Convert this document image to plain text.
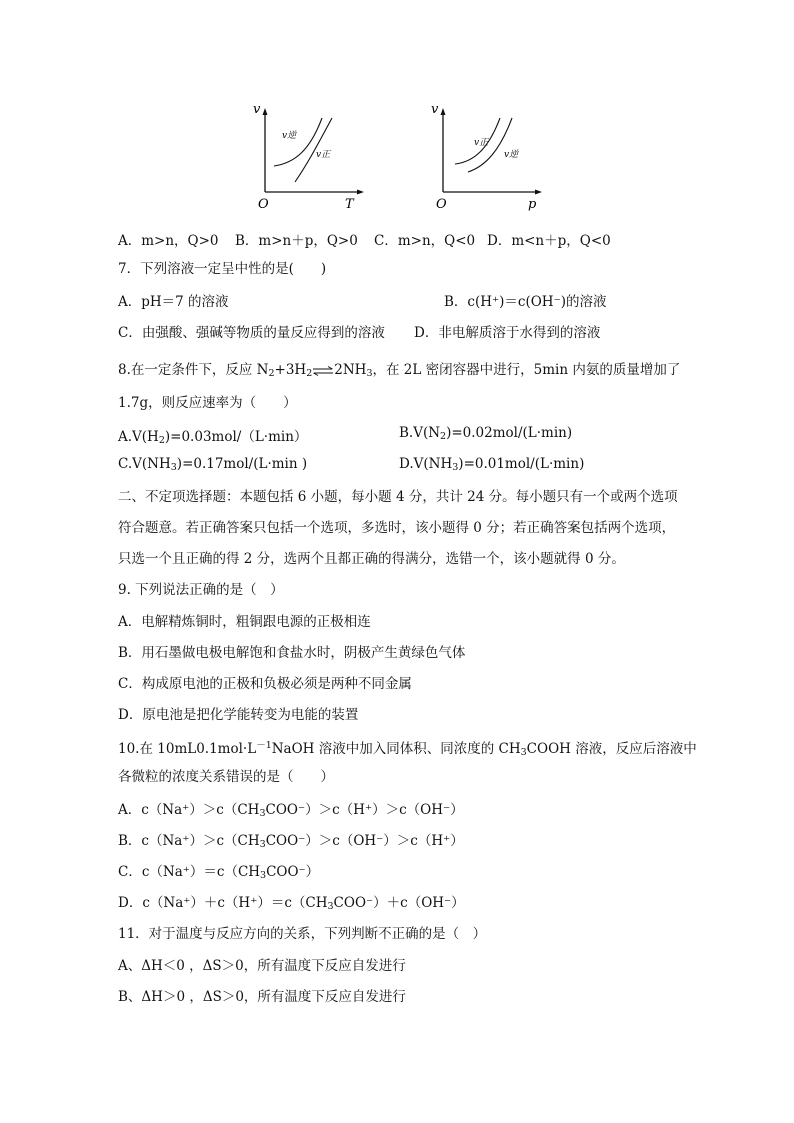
v
O	T
v逆
v正
v
O	p
v正
v逆
A．m>n，Q>0 B．m>n＋p，Q>0 C．m>n，Q<0 D．m<n＋p，Q<0
7．下列溶液一定呈中性的是(　　)
A．pH＝7 的溶液	B．c(H⁺)＝c(OH⁻)的溶液
C．由强酸、强碱等物质的量反应得到的溶液 D．非电解质溶于水得到的溶液
8.在一定条件下，反应 $N_2+3H_2\rightleftharpoons 2NH_3$，在 2L 密闭容器中进行，5min 内氨的质量增加了
1.7g，则反应速率为（　　）
$A.V(H_2)=0.03mol/(L\cdot\min)$	$B.V(N_2)=0.02mol/(L\cdot\min)$
$C.V(NH_3)=0.17mol/(L\cdot\min$ )	$D.V(NH_3)=0.01mol/(L\cdot\min)$
二、不定项选择题：本题包括 6 小题，每小题 4 分，共计 24 分。每小题只有一个或两个选项符合题意。若正确答案只包括一个选项，多选时，该小题得 0 分；若正确答案包括两个选项，只选一个且正确的得 2 分，选两个且都正确的得满分，选错一个，该小题就得 0 分。
9. 下列说法正确的是（　）
A．电解精炼铜时，粗铜跟电源的正极相连
B．用石墨做电极电解饱和食盐水时，阴极产生黄绿色气体
C．构成原电池的正极和负极必须是两种不同金属
D．原电池是把化学能转变为电能的装置
10.在 $10mL0.1mol\cdot L^{-1}NaOH$ 溶液中加入同体积、同浓度的 $CH_3COOH$ 溶液，反应后溶液中
各微粒的浓度关系错误的是（　　）
A．$c(Na^+)>c(CH_3COO^-)>c(H^+)>c(OH^-)$
B．$c(Na^+)>c(CH_3COO^-)>c(OH^-)>c(H^+)$
C．$c(Na^+)=c(CH_3COO^-)$
D．$c(Na^+)+c(H^+)=c(CH_3COO^-)+c(OH^-)$
11．对于温度与反应方向的关系，下列判断不正确的是（　）
A、ΔH＜0 ，ΔS＞0，所有温度下反应自发进行
B、ΔH＞0 ，ΔS＞0，所有温度下反应自发进行
